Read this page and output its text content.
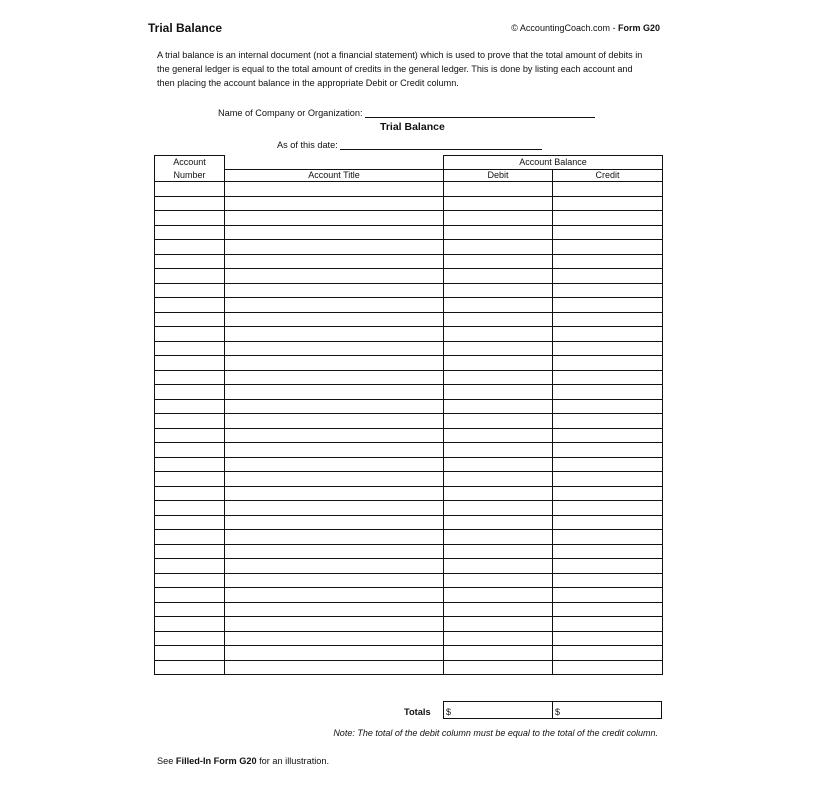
Trial Balance	© AccountingCoach.com - Form G20
A trial balance is an internal document (not a financial statement) which is used to prove that the total amount of debits in the general ledger is equal to the total amount of credits in the general ledger. This is done by listing each account and then placing the account balance in the appropriate Debit or Credit column.
Name of Company or Organization:
Trial Balance
As of this date:
Account		Account Balance	
Number	Account Title	Debit	Credit

Totals	$	$
Note: The total of the debit column must be equal to the total of the credit column.
See Filled-In Form G20 for an illustration.
